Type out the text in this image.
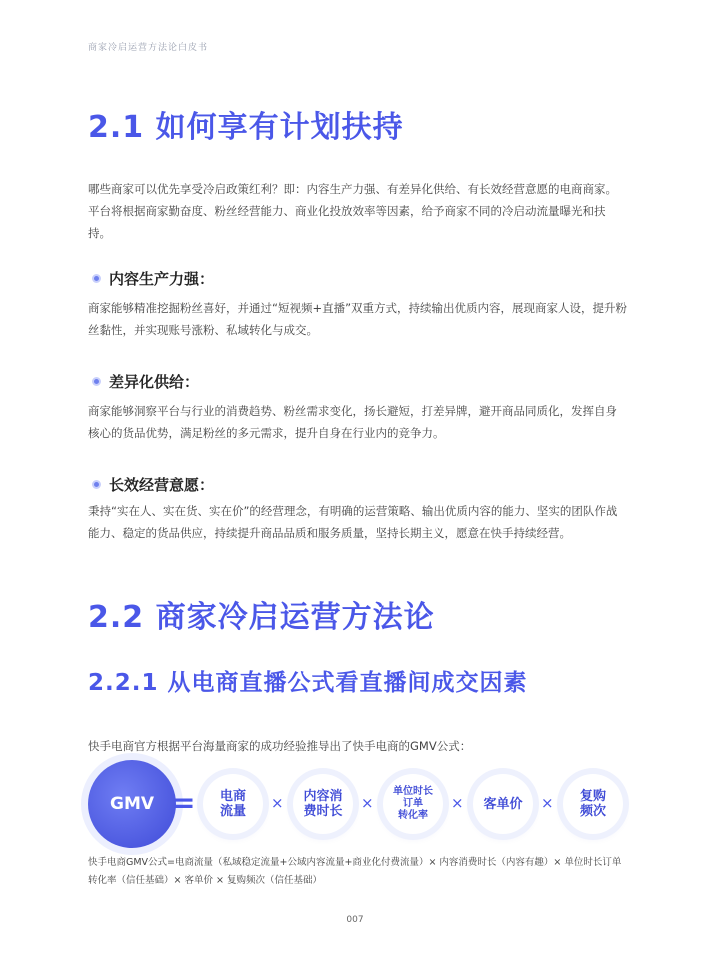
商家冷启运营方法论白皮书
2.1 如何享有计划扶持
哪些商家可以优先享受冷启政策红利？即：内容生产力强、有差异化供给、有长效经营意愿的电商商家。平台将根据商家勤奋度、粉丝经营能力、商业化投放效率等因素，给予商家不同的冷启动流量曝光和扶持。
内容生产力强：
商家能够精准挖掘粉丝喜好，并通过“短视频+直播”双重方式，持续输出优质内容，展现商家人设，提升粉丝黏性，并实现账号涨粉、私域转化与成交。
差异化供给：
商家能够洞察平台与行业的消费趋势、粉丝需求变化，扬长避短，打差异牌，避开商品同质化，发挥自身核心的货品优势，满足粉丝的多元需求，提升自身在行业内的竞争力。
长效经营意愿：
秉持“实在人、实在货、实在价”的经营理念，有明确的运营策略、输出优质内容的能力、坚实的团队作战能力、稳定的货品供应，持续提升商品品质和服务质量，坚持长期主义，愿意在快手持续经营。
2.2 商家冷启运营方法论
2.2.1 从电商直播公式看直播间成交因素
快手电商官方根据平台海量商家的成功经验推导出了快手电商的GMV公式：
GMV =	电商
流量	×	内容消
费时长	×
单位时长
订单
转化率
×	客单价	×	复购
频次
快手电商GMV公式=电商流量（私域稳定流量+公域内容流量+商业化付费流量）× 内容消费时长（内容有趣）× 单位时长订单转化率（信任基础）× 客单价 × 复购频次（信任基础）
007
